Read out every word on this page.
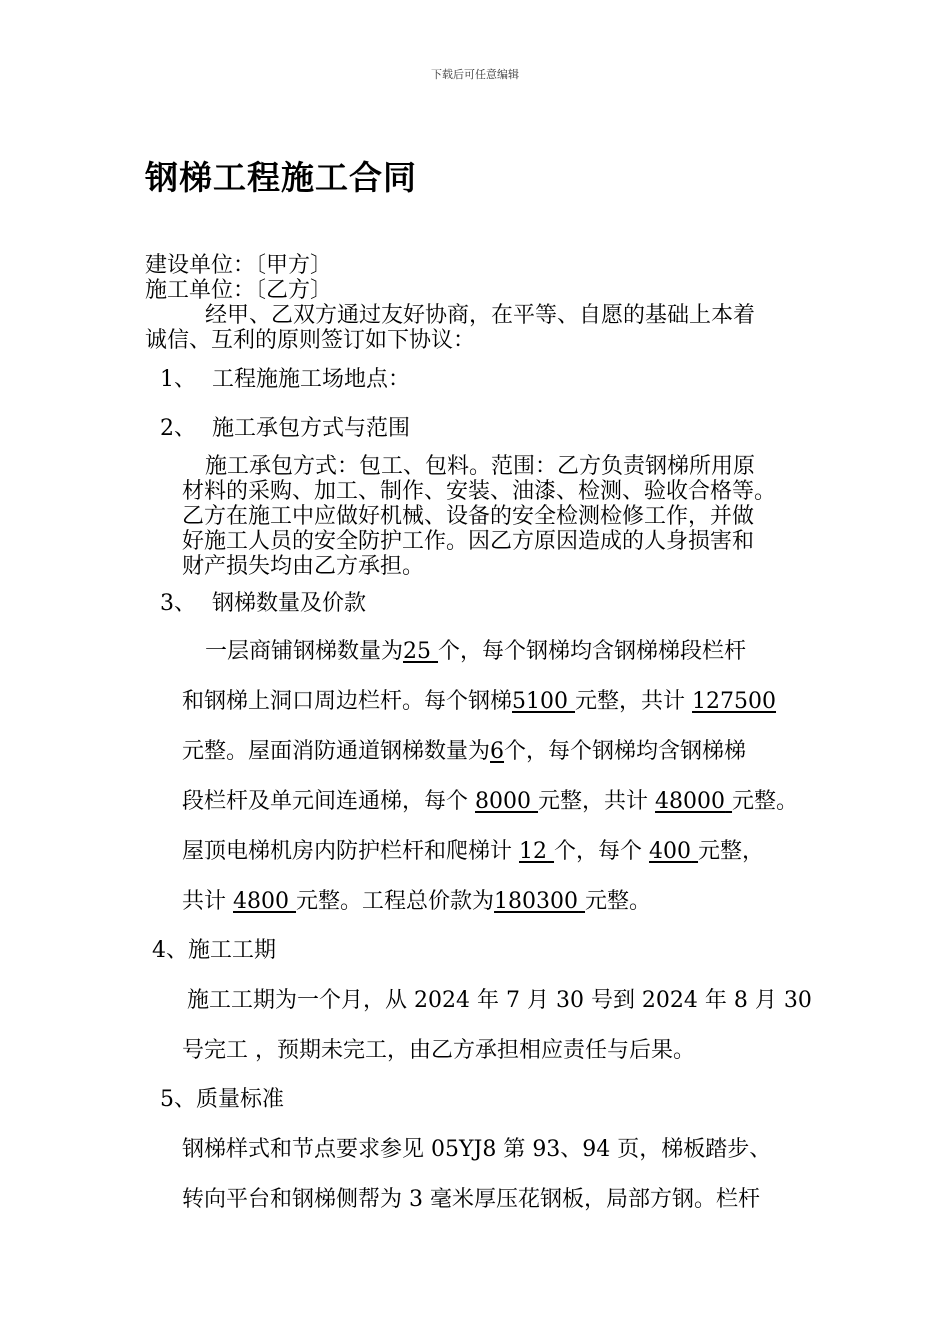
下载后可任意编辑
钢梯工程施工合同
建设单位：〔甲方〕
施工单位：〔乙方〕
经甲、乙双方通过友好协商，在平等、自愿的基础上本着
诚信、互利的原则签订如下协议：
1、 工程施施工场地点：
2、 施工承包方式与范围
施工承包方式：包工、包料。范围：乙方负责钢梯所用原
材料的采购、加工、制作、安装、油漆、检测、验收合格等。
乙方在施工中应做好机械、设备的安全检测检修工作，并做
好施工人员的安全防护工作。因乙方原因造成的人身损害和
财产损失均由乙方承担。
3、 钢梯数量及价款
一层商铺钢梯数量为25 个，每个钢梯均含钢梯梯段栏杆
和钢梯上洞口周边栏杆。每个钢梯5100 元整，共计 127500
元整。屋面消防通道钢梯数量为6个，每个钢梯均含钢梯梯
段栏杆及单元间连通梯，每个 8000 元整，共计 48000 元整。
屋顶电梯机房内防护栏杆和爬梯计 12 个，每个 400 元整，
共计 4800 元整。工程总价款为180300 元整。
4、施工工期
施工工期为一个月，从 2024 年 7 月 30 号到 2024 年 8 月 30
号完工 ，预期未完工，由乙方承担相应责任与后果。
5、质量标准
钢梯样式和节点要求参见 05YJ8 第 93、94 页，梯板踏步、
转向平台和钢梯侧帮为 3 毫米厚压花钢板，局部方钢。栏杆
